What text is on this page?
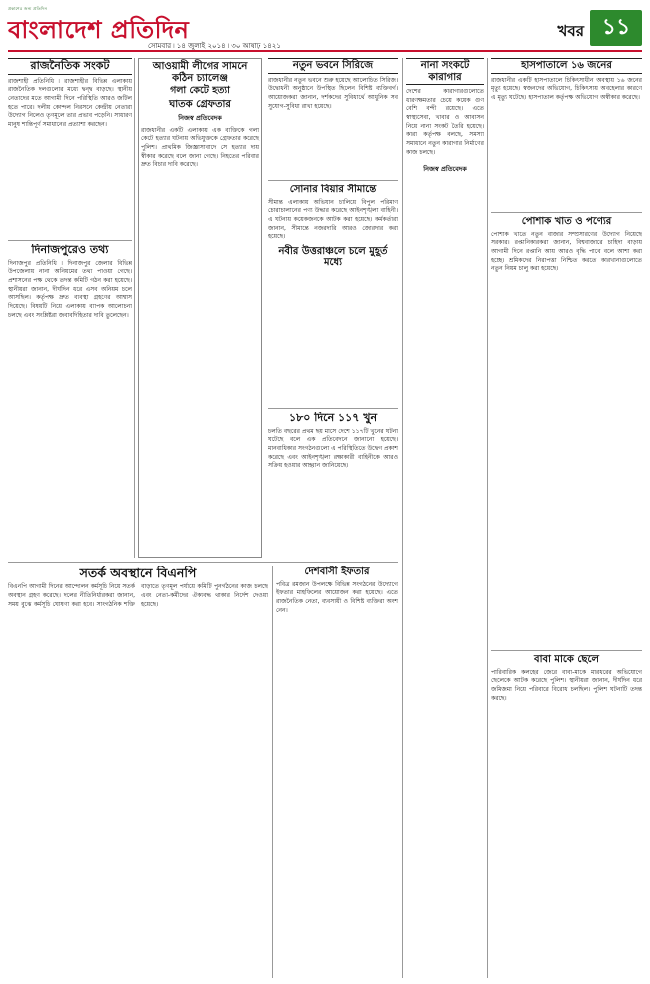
প্রকাশের জন্য প্রতিদিন
বাংলাদেশ প্রতিদিন
সোমবার ৷ ১৪ জুলাই ২০১৪ ৷ ৩০ আষাঢ় ১৪২১
খবর ১১
রাজনৈতিক সংকট
রাজশাহী প্রতিনিধি ৷ রাজশাহীর বিভিন্ন এলাকায় রাজনৈতিক দলগুলোর মধ্যে দ্বন্দ্ব বাড়ছে। স্থানীয় নেতাদের মতে আগামী দিনে পরিস্থিতি আরও জটিল হতে পারে। দলীয় কোন্দল নিরসনে কেন্দ্রীয় নেতারা উদ্যোগ নিলেও তৃণমূলে তার প্রভাব পড়েনি। সাধারণ মানুষ শান্তিপূর্ণ সমাধানের প্রত্যাশা করছেন।
দিনাজপুরেও তথ্য
দিনাজপুর প্রতিনিধি ৷ দিনাজপুর জেলার বিভিন্ন উপজেলায় নানা অনিয়মের তথ্য পাওয়া গেছে। প্রশাসনের পক্ষ থেকে তদন্ত কমিটি গঠন করা হয়েছে। স্থানীয়রা জানান, দীর্ঘদিন ধরে এসব অনিয়ম চলে আসছিল। কর্তৃপক্ষ দ্রুত ব্যবস্থা গ্রহণের আশ্বাস দিয়েছে। বিষয়টি নিয়ে এলাকায় ব্যাপক আলোচনা চলছে এবং সংশ্লিষ্টরা জবাবদিহিতার দাবি তুলেছেন।
আওয়ামী লীগের সামনে কঠিন চ্যালেঞ্জ
গলা কেটে হত্যা
ঘাতক গ্রেফতার
নিজস্ব প্রতিবেদক
রাজধানীর একটি এলাকায় এক ব্যক্তিকে গলা কেটে হত্যার ঘটনায় অভিযুক্তকে গ্রেফতার করেছে পুলিশ। প্রাথমিক জিজ্ঞাসাবাদে সে হত্যার দায় স্বীকার করেছে বলে জানা গেছে। নিহতের পরিবার দ্রুত বিচার দাবি করেছে।
নতুন ভবনে সিরিজে
রাজধানীর নতুন ভবনে শুরু হয়েছে আলোচিত সিরিজ। উদ্বোধনী অনুষ্ঠানে উপস্থিত ছিলেন বিশিষ্ট ব্যক্তিবর্গ। আয়োজকরা জানান, দর্শকদের সুবিধার্থে আধুনিক সব সুযোগ-সুবিধা রাখা হয়েছে।
সোনার বিয়ার সীমান্তে
সীমান্ত এলাকায় অভিযান চালিয়ে বিপুল পরিমাণ চোরাচালানের পণ্য উদ্ধার করেছে আইনশৃঙ্খলা বাহিনী। এ ঘটনায় কয়েকজনকে আটক করা হয়েছে। কর্মকর্তারা জানান, সীমান্তে নজরদারি আরও জোরদার করা হয়েছে।
নবীর উত্তরাঞ্চলে চলে মুহূর্ত মধ্যে
১৮০ দিনে ১১৭ খুন
চলতি বছরের প্রথম ছয় মাসে দেশে ১১৭টি খুনের ঘটনা ঘটেছে বলে এক প্রতিবেদনে জানানো হয়েছে। মানবাধিকার সংগঠনগুলো এ পরিস্থিতিতে উদ্বেগ প্রকাশ করেছে এবং আইনশৃঙ্খলা রক্ষাকারী বাহিনীকে আরও সক্রিয় হওয়ার আহ্বান জানিয়েছে।
নানা সংকটে কারাগার
দেশের কারাগারগুলোতে ধারণক্ষমতার চেয়ে কয়েক গুণ বেশি বন্দী রয়েছে। এতে স্বাস্থ্যসেবা, খাবার ও আবাসন নিয়ে নানা সংকট তৈরি হয়েছে। কারা কর্তৃপক্ষ বলছে, সমস্যা সমাধানে নতুন কারাগার নির্মাণের কাজ চলছে।
নিজস্ব প্রতিবেদক
হাসপাতালে ১৬ জনের
রাজধানীর একটি হাসপাতালে চিকিৎসাধীন অবস্থায় ১৬ জনের মৃত্যু হয়েছে। স্বজনদের অভিযোগ, চিকিৎসায় অবহেলার কারণে এ মৃত্যু ঘটেছে। হাসপাতাল কর্তৃপক্ষ অভিযোগ অস্বীকার করেছে।
পোশাক খাত ও পণ্যের
পোশাক খাতে নতুন বাজার সম্প্রসারণের উদ্যোগ নিয়েছে সরকার। রপ্তানিকারকরা জানান, বিশ্ববাজারে চাহিদা বাড়ায় আগামী দিনে রপ্তানি আয় আরও বৃদ্ধি পাবে বলে আশা করা হচ্ছে। শ্রমিকদের নিরাপত্তা নিশ্চিত করতে কারখানাগুলোতে নতুন নিয়ম চালু করা হয়েছে।
বাবা মাকে ছেলে
পারিবারিক কলহের জেরে বাবা-মাকে মারধরের অভিযোগে ছেলেকে আটক করেছে পুলিশ। স্থানীয়রা জানান, দীর্ঘদিন ধরে জমিজমা নিয়ে পরিবারে বিরোধ চলছিল। পুলিশ ঘটনাটি তদন্ত করছে।
সতর্ক অবস্থানে বিএনপি
বিএনপি আগামী দিনের আন্দোলন কর্মসূচি নিয়ে সতর্ক অবস্থান গ্রহণ করেছে। দলের নীতিনির্ধারকরা জানান, সময় বুঝে কর্মসূচি ঘোষণা করা হবে। সাংগঠনিক শক্তি বাড়াতে তৃণমূল পর্যায়ে কমিটি পুনর্গঠনের কাজ চলছে এবং নেতা-কর্মীদের ঐক্যবদ্ধ থাকার নির্দেশ দেওয়া হয়েছে।
দেশবাসী ইফতার
পবিত্র রমজান উপলক্ষে বিভিন্ন সংগঠনের উদ্যোগে ইফতার মাহফিলের আয়োজন করা হয়েছে। এতে রাজনৈতিক নেতা, ব্যবসায়ী ও বিশিষ্ট ব্যক্তিরা অংশ নেন।
